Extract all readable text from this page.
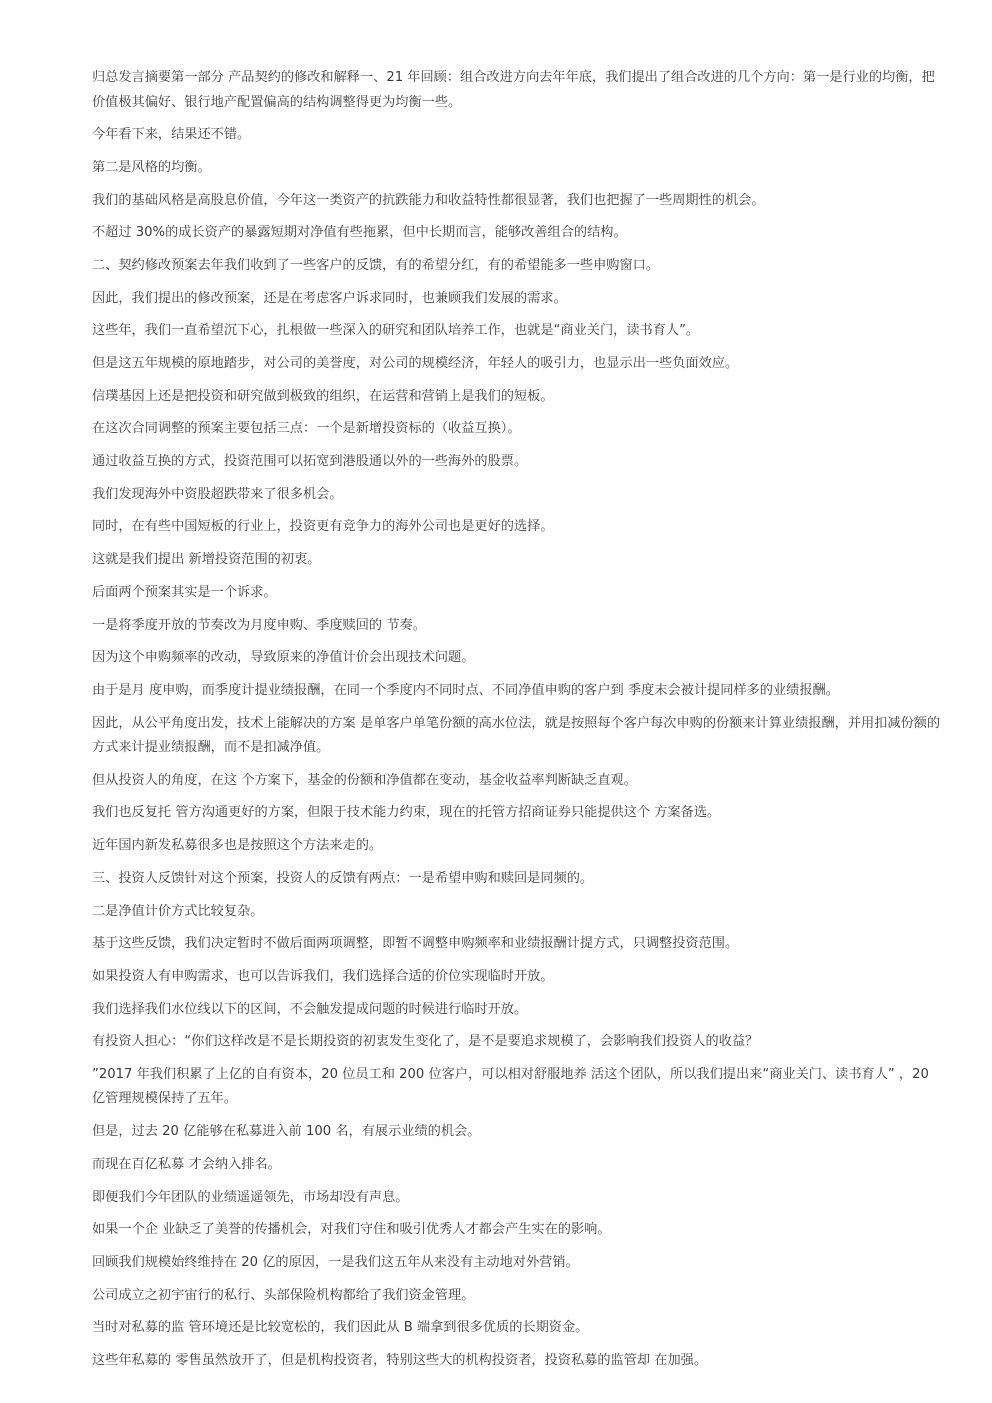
归总发言摘要第一部分 产品契约的修改和解释一、21 年回顾：组合改进方向去年年底，我们提出了组合改进的几个方向：第一是行业的均衡，把价值极其偏好、银行地产配置偏高的结构调整得更为均衡一些。

今年看下来，结果还不错。

第二是风格的均衡。

我们的基础风格是高股息价值，今年这一类资产的抗跌能力和收益特性都很显著，我们也把握了一些周期性的机会。

不超过 30%的成长资产的暴露短期对净值有些拖累，但中长期而言，能够改善组合的结构。

二、契约修改预案去年我们收到了一些客户的反馈，有的希望分红，有的希望能多一些申购窗口。

因此，我们提出的修改预案，还是在考虑客户诉求同时，也兼顾我们发展的需求。

这些年，我们一直希望沉下心，扎根做一些深入的研究和团队培养工作，也就是“商业关门，读书育人”。

但是这五年规模的原地踏步，对公司的美誉度，对公司的规模经济，年轻人的吸引力，也显示出一些负面效应。

信璞基因上还是把投资和研究做到极致的组织，在运营和营销上是我们的短板。

在这次合同调整的预案主要包括三点：一个是新增投资标的（收益互换）。

通过收益互换的方式，投资范围可以拓宽到港股通以外的一些海外的股票。

我们发现海外中资股超跌带来了很多机会。

同时，在有些中国短板的行业上，投资更有竞争力的海外公司也是更好的选择。

这就是我们提出 新增投资范围的初衷。

后面两个预案其实是一个诉求。

一是将季度开放的节奏改为月度申购、季度赎回的 节奏。

因为这个申购频率的改动，导致原来的净值计价会出现技术问题。

由于是月 度申购，而季度计提业绩报酬，在同一个季度内不同时点、不同净值申购的客户到 季度末会被计提同样多的业绩报酬。

因此，从公平角度出发，技术上能解决的方案 是单客户单笔份额的高水位法，就是按照每个客户每次申购的份额来计算业绩报酬，并用扣减份额的方式来计提业绩报酬，而不是扣减净值。

但从投资人的角度，在这 个方案下，基金的份额和净值都在变动，基金收益率判断缺乏直观。

我们也反复托 管方沟通更好的方案，但限于技术能力约束，现在的托管方招商证券只能提供这个 方案备选。

近年国内新发私募很多也是按照这个方法来走的。

三、投资人反馈针对这个预案，投资人的反馈有两点：一是希望申购和赎回是同频的。

二是净值计价方式比较复杂。

基于这些反馈，我们决定暂时不做后面两项调整，即暂不调整申购频率和业绩报酬计提方式，只调整投资范围。

如果投资人有申购需求，也可以告诉我们，我们选择合适的价位实现临时开放。

我们选择我们水位线以下的区间，不会触发提成问题的时候进行临时开放。

有投资人担心：“你们这样改是不是长期投资的初衷发生变化了，是不是要追求规模了，会影响我们投资人的收益？

”2017 年我们积累了上亿的自有资本，20 位员工和 200 位客户，可以相对舒服地养 活这个团队，所以我们提出来“商业关门、读书育人” ，20 亿管理规模保持了五年。

但是，过去 20 亿能够在私募进入前 100 名，有展示业绩的机会。

而现在百亿私募 才会纳入排名。

即便我们今年团队的业绩遥遥领先，市场却没有声息。

如果一个企 业缺乏了美誉的传播机会，对我们守住和吸引优秀人才都会产生实在的影响。

回顾我们规模始终维持在 20 亿的原因，一是我们这五年从来没有主动地对外营销。

公司成立之初宇宙行的私行、头部保险机构都给了我们资金管理。

当时对私募的监 管环境还是比较宽松的，我们因此从 B 端拿到很多优质的长期资金。

这些年私募的 零售虽然放开了，但是机构投资者，特别这些大的机构投资者，投资私募的监管却 在加强。
